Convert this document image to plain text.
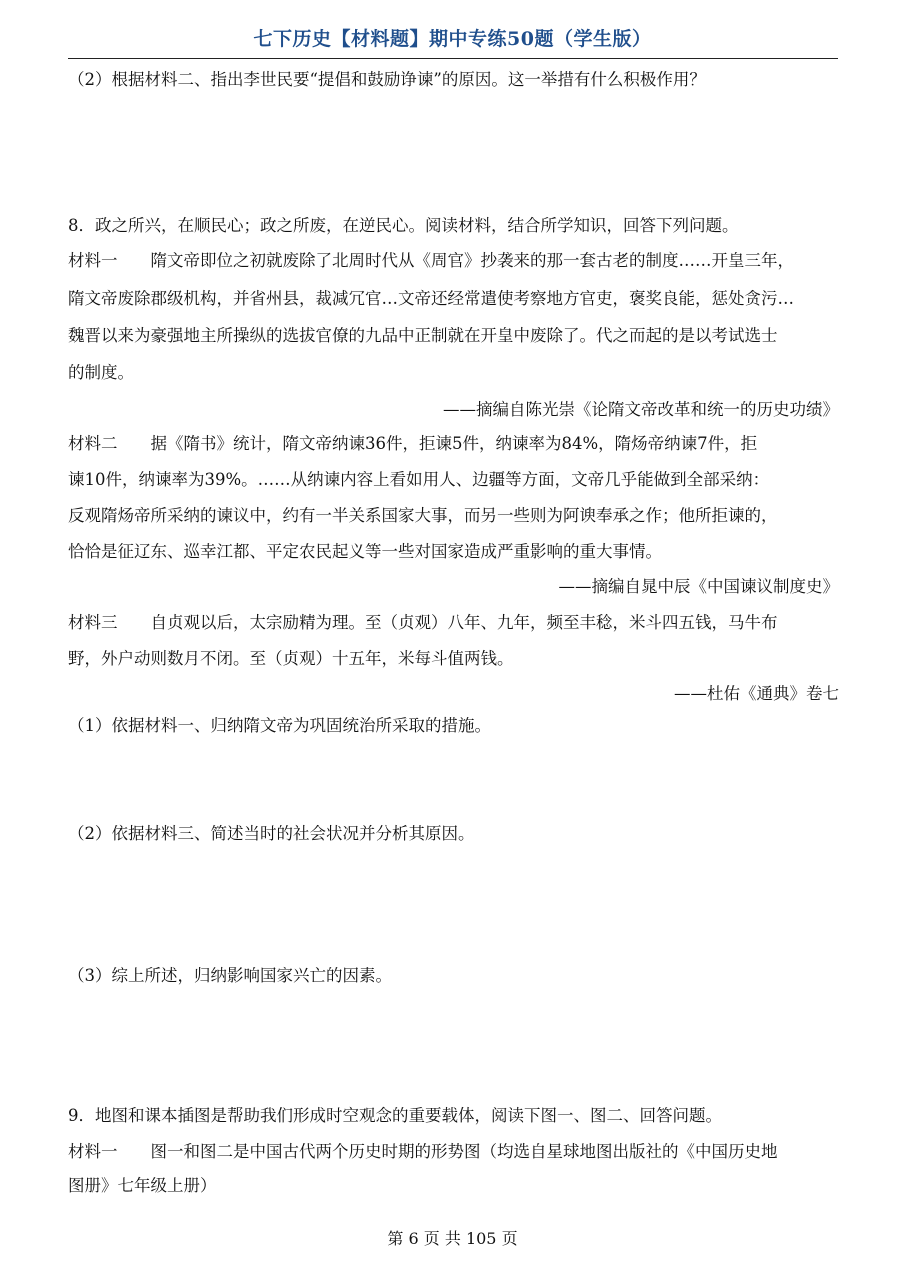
七下历史【材料题】期中专练50题（学生版）
（2）根据材料二、指出李世民要“提倡和鼓励诤谏”的原因。这一举措有什么积极作用？
8．政之所兴，在顺民心；政之所废，在逆民心。阅读材料，结合所学知识，回答下列问题。
材料一　　隋文帝即位之初就废除了北周时代从《周官》抄袭来的那一套古老的制度……开皇三年，
隋文帝废除郡级机构，并省州县，裁减冗官…文帝还经常遣使考察地方官吏，褒奖良能，惩处贪污…
魏晋以来为豪强地主所操纵的选拔官僚的九品中正制就在开皇中废除了。代之而起的是以考试选士
的制度。
——摘编自陈光崇《论隋文帝改革和统一的历史功绩》
材料二　　据《隋书》统计，隋文帝纳谏36件，拒谏5件，纳谏率为84%，隋炀帝纳谏7件，拒
谏10件，纳谏率为39%。……从纳谏内容上看如用人、边疆等方面，文帝几乎能做到全部采纳：
反观隋炀帝所采纳的谏议中，约有一半关系国家大事，而另一些则为阿谀奉承之作；他所拒谏的，
恰恰是征辽东、巡幸江都、平定农民起义等一些对国家造成严重影响的重大事情。
——摘编自晁中辰《中国谏议制度史》
材料三　　自贞观以后，太宗励精为理。至（贞观）八年、九年，频至丰稔，米斗四五钱，马牛布
野，外户动则数月不闭。至（贞观）十五年，米每斗值两钱。
——杜佑《通典》卷七
（1）依据材料一、归纳隋文帝为巩固统治所采取的措施。
（2）依据材料三、简述当时的社会状况并分析其原因。
（3）综上所述，归纳影响国家兴亡的因素。
9．地图和课本插图是帮助我们形成时空观念的重要载体，阅读下图一、图二、回答问题。
材料一　　图一和图二是中国古代两个历史时期的形势图（均选自星球地图出版社的《中国历史地
图册》七年级上册）
第 6 页 共 105 页
